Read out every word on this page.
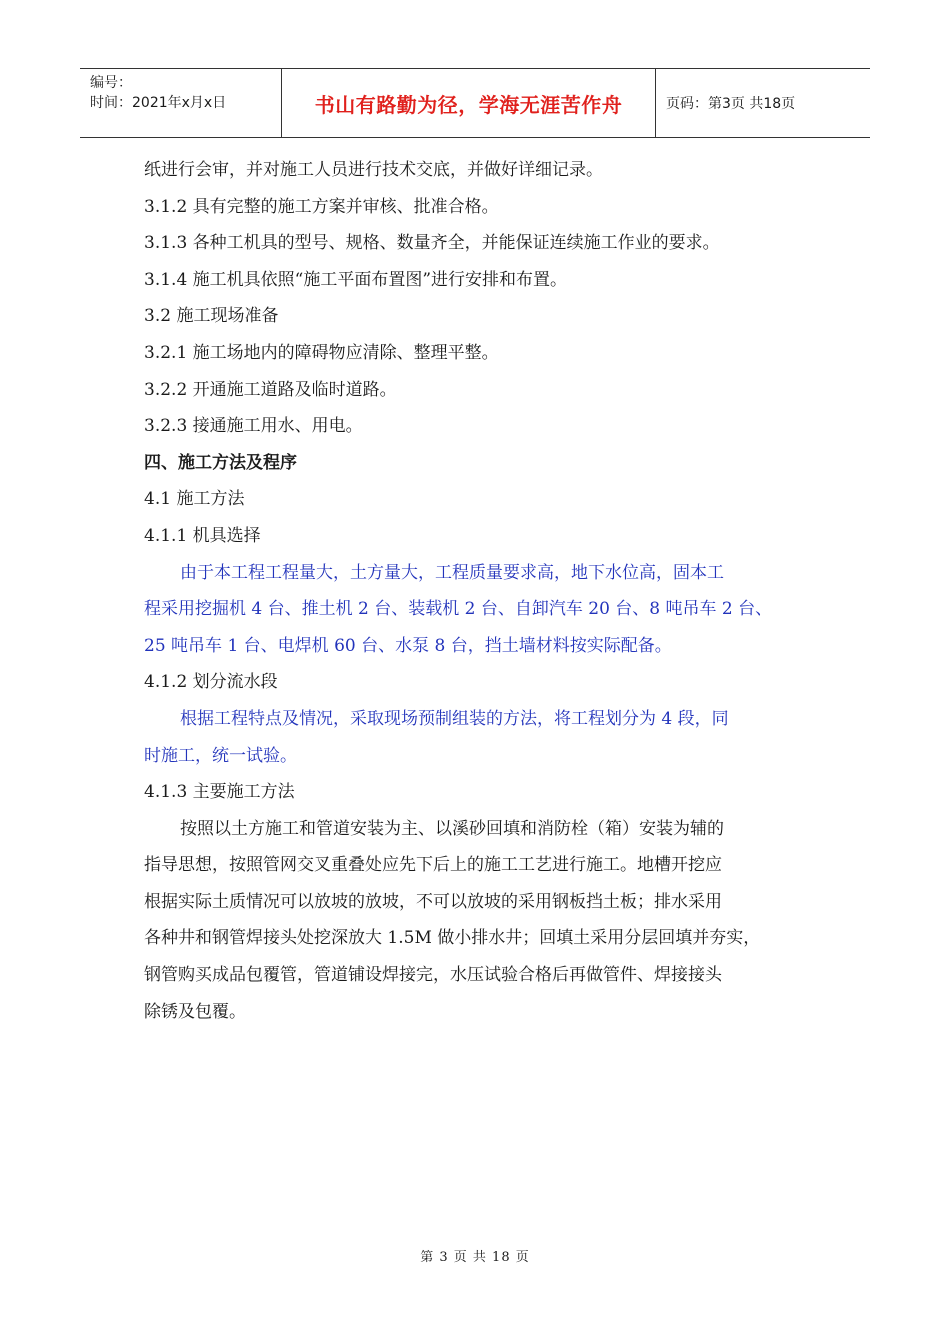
编号：
时间：2021年x月x日	书山有路勤为径，学海无涯苦作舟	页码：第3页 共18页

纸进行会审，并对施工人员进行技术交底，并做好详细记录。

3.1.2 具有完整的施工方案并审核、批准合格。

3.1.3 各种工机具的型号、规格、数量齐全，并能保证连续施工作业的要求。

3.1.4 施工机具依照“施工平面布置图”进行安排和布置。

3.2 施工现场准备

3.2.1 施工场地内的障碍物应清除、整理平整。

3.2.2 开通施工道路及临时道路。

3.2.3 接通施工用水、用电。

四、施工方法及程序

4.1 施工方法

4.1.1 机具选择

由于本工程工程量大，土方量大，工程质量要求高，地下水位高，固本工

程采用挖掘机 4 台、推土机 2 台、装载机 2 台、自卸汽车 20 台、8 吨吊车 2 台、

25 吨吊车 1 台、电焊机 60 台、水泵 8 台，挡土墙材料按实际配备。

4.1.2 划分流水段

根据工程特点及情况，采取现场预制组装的方法，将工程划分为 4 段，同

时施工，统一试验。

4.1.3 主要施工方法

按照以土方施工和管道安装为主、以溪砂回填和消防栓（箱）安装为辅的

指导思想，按照管网交叉重叠处应先下后上的施工工艺进行施工。地槽开挖应

根据实际土质情况可以放坡的放坡，不可以放坡的采用钢板挡土板；排水采用

各种井和钢管焊接头处挖深放大 1.5M 做小排水井；回填土采用分层回填并夯实，

钢管购买成品包覆管，管道铺设焊接完，水压试验合格后再做管件、焊接接头

除锈及包覆。

第 3 页 共 18 页
